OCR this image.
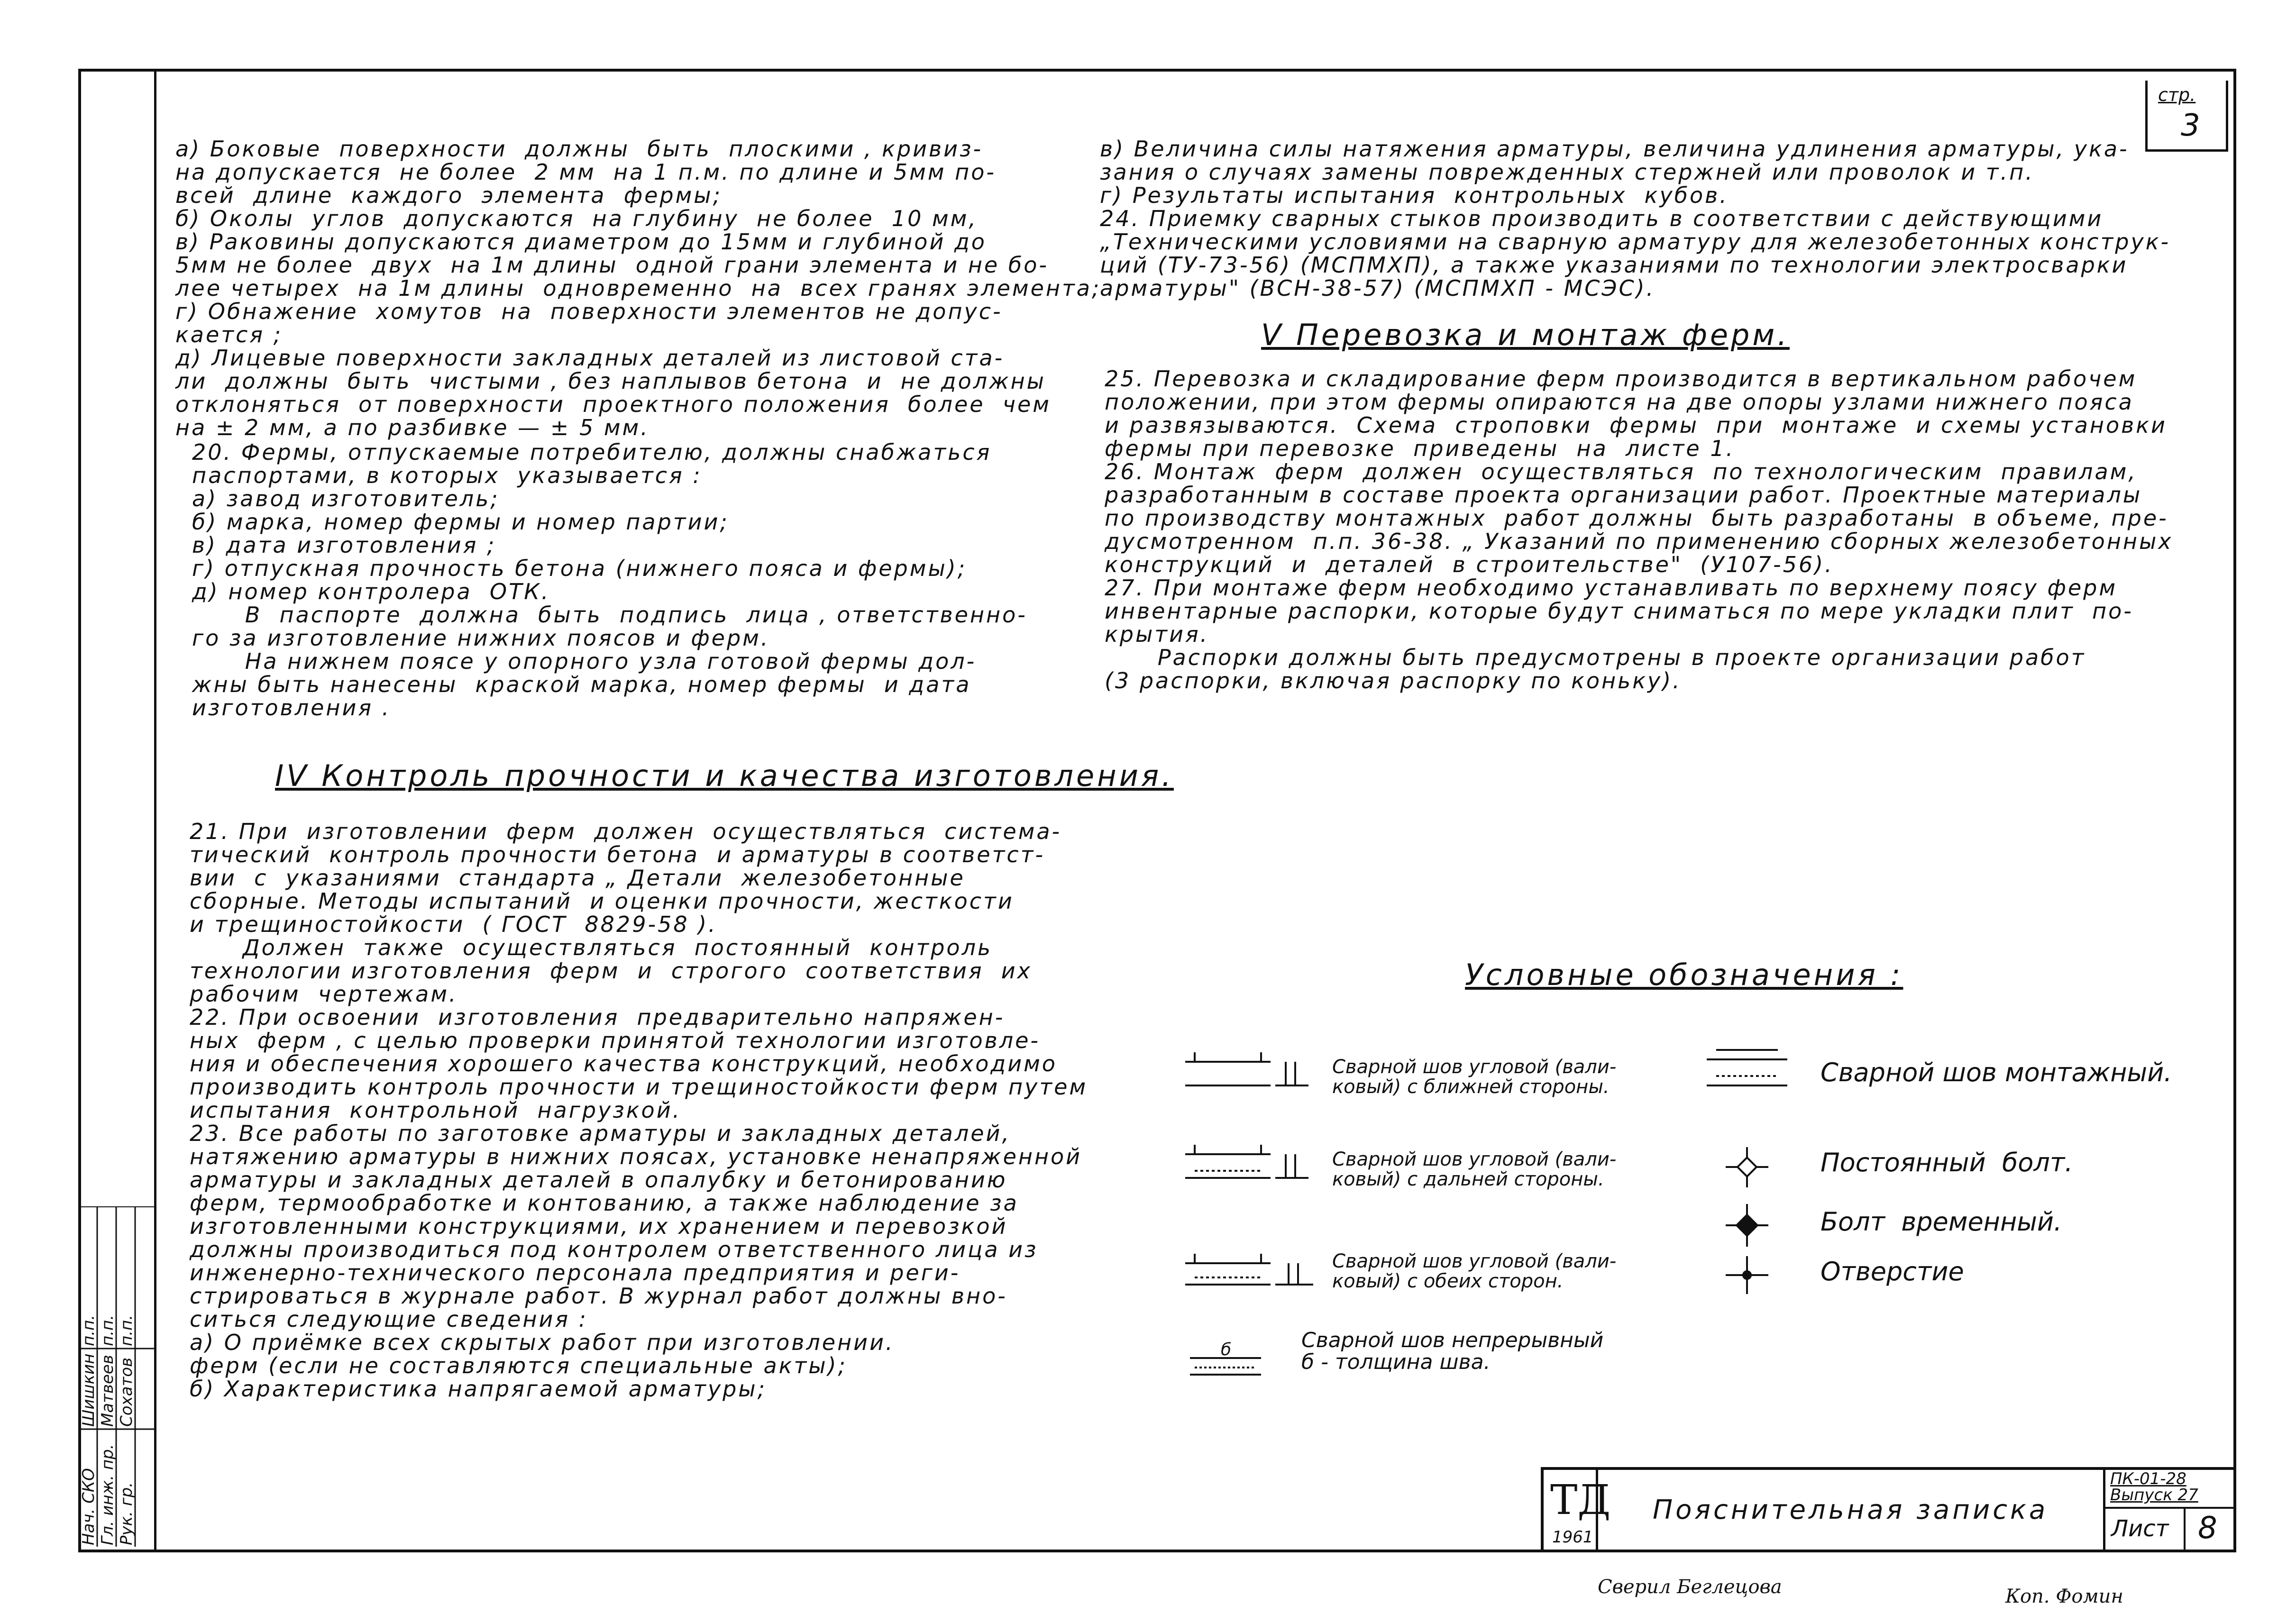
стр.
3

а) Боковые  поверхности  должны  быть  плоскими , кривиз-

на допускается  не более  2 мм  на 1 п.м. по длине и 5мм по-

всей  длине  каждого  элемента  фермы;

б) Околы  углов  допускаются  на глубину  не более  10 мм,

в) Раковины допускаются диаметром до 15мм и глубиной до

5мм не более  двух  на 1м длины  одной грани элемента и не бо-

лее четырех  на 1м длины  одновременно  на  всех гранях элемента;

г) Обнажение  хомутов  на  поверхности элементов не допус-

кается ;

д) Лицевые поверхности закладных деталей из листовой ста-

ли  должны  быть  чистыми , без наплывов бетона  и  не должны

отклоняться  от поверхности  проектного положения  более  чем

на ± 2 мм, а по разбивке — ± 5 мм.

20. Фермы, отпускаемые потребителю, должны снабжаться

паспортами, в которых  указывается :

а) завод изготовитель;

б) марка, номер фермы и номер партии;

в) дата изготовления ;

г) отпускная прочность бетона (нижнего пояса и фермы);

д) номер контролера  ОТК.

В  паспорте  должна  быть  подпись  лица , ответственно-

го за изготовление нижних поясов и ферм.

На нижнем поясе у опорного узла готовой фермы дол-

жны быть нанесены  краской марка, номер фермы  и дата

изготовления .

IV Контроль прочности и качества изготовления.

21. При  изготовлении  ферм  должен  осуществляться  система-

тический  контроль прочности бетона  и арматуры в соответст-

вии  с  указаниями  стандарта „ Детали  железобетонные

сборные. Методы испытаний  и оценки прочности, жесткости

и трещиностойкости  ( ГОСТ  8829-58 ).

Должен  также  осуществляться  постоянный  контроль

технологии изготовления  ферм  и  строгого  соответствия  их

рабочим  чертежам.

22. При освоении  изготовления  предварительно напряжен-

ных  ферм , с целью проверки принятой технологии изготовле-

ния и обеспечения хорошего качества конструкций, необходимо

производить контроль прочности и трещиностойкости ферм путем

испытания  контрольной  нагрузкой.

23. Все работы по заготовке арматуры и закладных деталей,

натяжению арматуры в нижних поясах, установке ненапряженной

арматуры и закладных деталей в опалубку и бетонированию

ферм, термообработке и контованию, а также наблюдение за

изготовленными конструкциями, их хранением и перевозкой

должны производиться под контролем ответственного лица из

инженерно-технического персонала предприятия и реги-

стрироваться в журнале работ. В журнал работ должны вно-

ситься следующие сведения :

а) О приёмке всех скрытых работ при изготовлении.

ферм (если не составляются специальные акты);

б) Характеристика напрягаемой арматуры;

в) Величина силы натяжения арматуры, величина удлинения арматуры, ука-

зания о случаях замены поврежденных стержней или проволок и т.п.

г) Результаты испытания  контрольных  кубов.

24. Приемку сварных стыков производить в соответствии с действующими

„Техническими условиями на сварную арматуру для железобетонных конструк-

ций (ТУ-73-56) (МСПМХП), а также указаниями по технологии электросварки

арматуры" (ВСН-38-57) (МСПМХП - МСЭС).

V Перевозка и монтаж ферм.

25. Перевозка и складирование ферм производится в вертикальном рабочем

положении, при этом фермы опираются на две опоры узлами нижнего пояса

и развязываются.  Схема  строповки  фермы  при  монтаже  и схемы установки

фермы при перевозке  приведены  на  листе 1.

26. Монтаж  ферм  должен  осуществляться  по технологическим  правилам,

разработанным в составе проекта организации работ. Проектные материалы

по производству монтажных  работ должны  быть разработаны  в объеме, пре-

дусмотренном  п.п. 36-38. „ Указаний по применению сборных железобетонных

конструкций  и  деталей  в строительстве"  (У107-56).

27. При монтаже ферм необходимо устанавливать по верхнему поясу ферм

инвентарные распорки, которые будут сниматься по мере укладки плит  по-

крытия.

Распорки должны быть предусмотрены в проекте организации работ

(3 распорки, включая распорку по коньку).

Условные обозначения :
Сварной шов угловой (вали-
ковый) с ближней стороны.
Сварной шов угловой (вали-
ковый) с дальней стороны.
Сварной шов угловой (вали-
ковый) с обеих сторон.
б	Сварной шов непрерывный
б - толщина шва.
Сварной шов монтажный.
Постоянный  болт.
Болт  временный.
Отверстие
Нач. СКО Гл. инж. пр. Рук. гр.
Шишкин Матвеев Сохатов
п.п. п.п. п.п.
ТД
1961
Пояснительная записка
ПК-01-28
Выпуск 27
Лист 8
Сверил Беглецова	Коп. Фомин
